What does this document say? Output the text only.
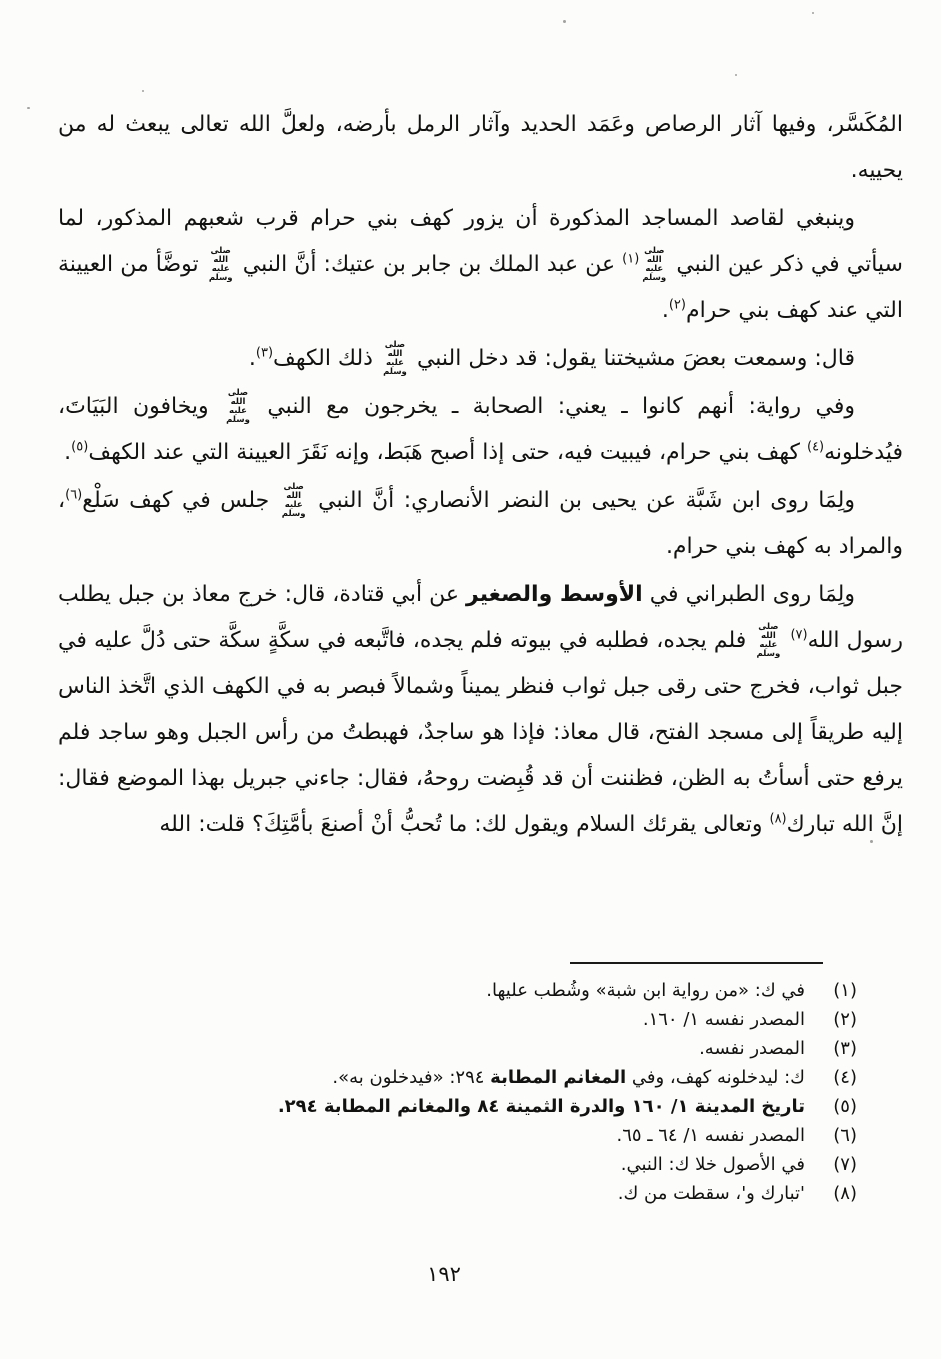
المُكَسَّر، وفيها آثار الرصاص وعَمَد الحديد وآثار الرمل بأرضه، ولعلَّ الله تعالى يبعث له من يحييه.

وينبغي لقاصد المساجد المذكورة أن يزور كهف بني حرام قرب شعبهم المذكور، لما سيأتي في ذكر عين النبي صلى الله عليه وسلم$^{(١)}$ عن عبد الملك بن جابر بن عتيك: أنَّ النبي صلى الله عليه وسلم توضَّأ من العيينة التي عند كهف بني حرام$^{(٢)}$.

قال: وسمعت بعضَ مشيختنا يقول: قد دخل النبي صلى الله عليه وسلم ذلك الكهف$^{(٣)}$.

وفي رواية: أنهم كانوا ـ يعني: الصحابة ـ يخرجون مع النبي صلى الله عليه وسلم ويخافون البَيَاتَ، فيُدخلونه$^{(٤)}$ كهف بني حرام، فيبيت فيه، حتى إذا أصبح هَبَط، وإنه نَقَرَ العيينة التي عند الكهف$^{(٥)}$.

ولِمَا روى ابن شَبَّة عن يحيى بن النضر الأنصاري: أنَّ النبي صلى الله عليه وسلم جلس في كهف سَلْع$^{(٦)}$، والمراد به كهف بني حرام.

ولِمَا روى الطبراني في الأوسط والصغير عن أبي قتادة، قال: خرج معاذ بن جبل يطلب رسول الله$^{(٧)}$ صلى الله عليه وسلم فلم يجده، فطلبه في بيوته فلم يجده، فاتَّبعه في سكَّةٍ سكَّة حتى دُلَّ عليه في جبل ثواب، فخرج حتى رقى جبل ثواب فنظر يميناً وشمالاً فبصر به في الكهف الذي اتَّخذ الناس إليه طريقاً إلى مسجد الفتح، قال معاذ: فإذا هو ساجدٌ، فهبطتُ من رأس الجبل وهو ساجد فلم يرفع حتى أسأتُ به الظن، فظننت أن قد قُبِضت روحهُ، فقال: جاءني جبريل بهذا الموضع فقال: إنَّ الله تبارك$^{(٨)}$ وتعالى يقرئك السلام ويقول لك: ما تُحبُّ أنْ أصنعَ بأمَّتِكَ؟ قلت: الله

(١)
في ك: «من رواية ابن شبة» وشُطب عليها.
(٢)
المصدر نفسه ١/ ١٦٠.
(٣)
المصدر نفسه.
(٤)
ك: ليدخلونه كهف، وفي المغانم المطابة ٢٩٤: «فيدخلون به».
(٥)
تاريخ المدينة ١/ ١٦٠ والدرة الثمينة ٨٤ والمغانم المطابة ٢٩٤.
(٦)
المصدر نفسه ١/ ٦٤ ـ ٦٥.
(٧)
في الأصول خلا ك: النبي.
(٨)
'تبارك و'، سقطت من ك.
١٩٢
